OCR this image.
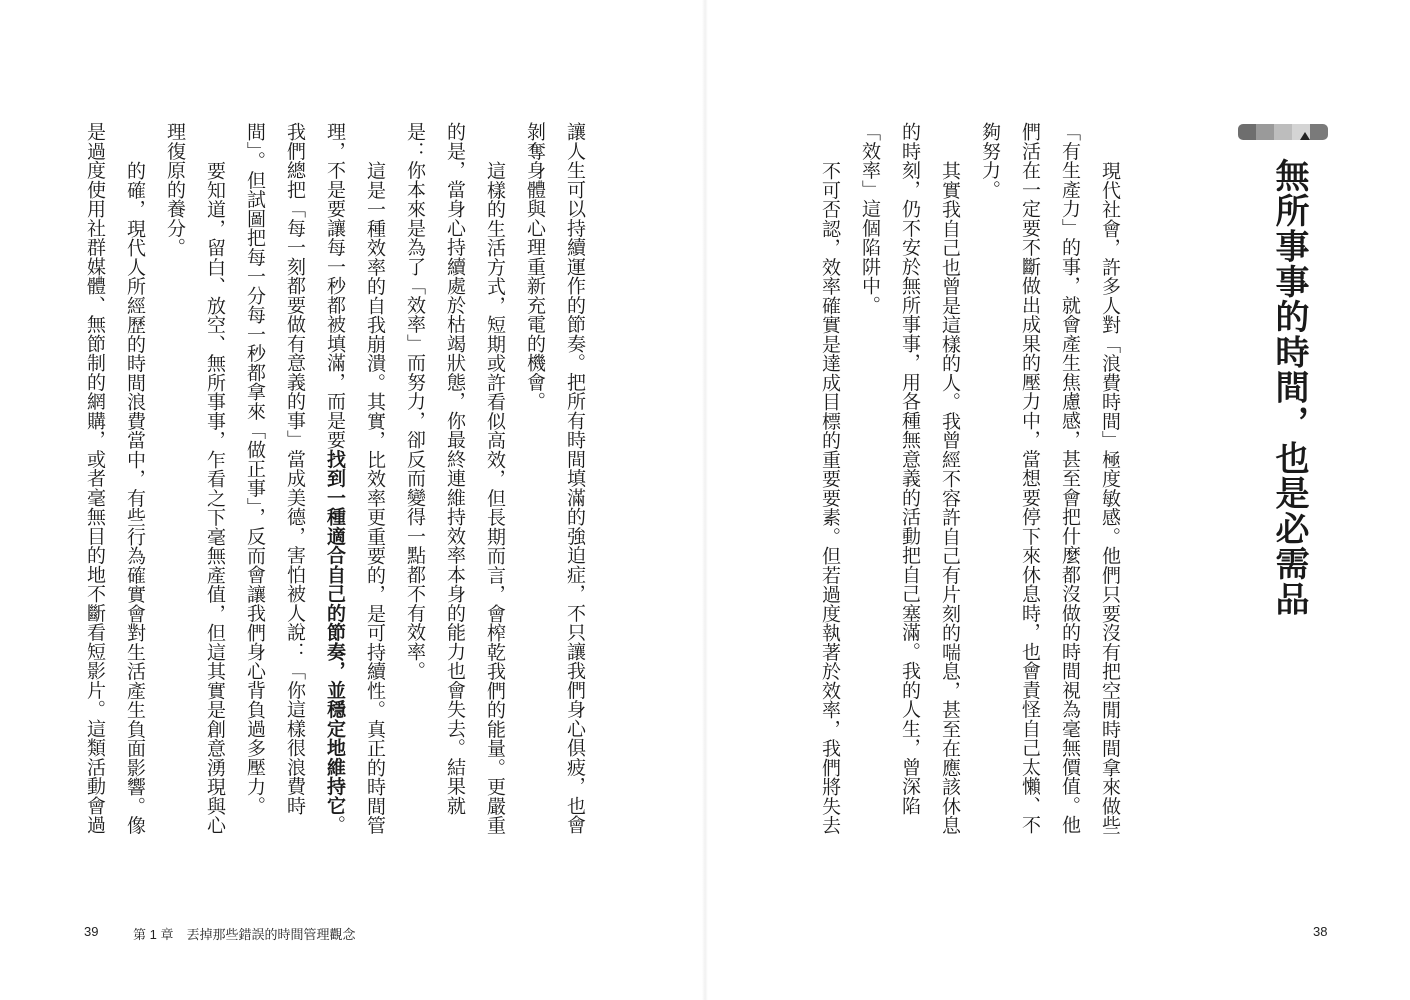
讓人生可以持續運作的節奏。把所有時間填滿的強迫症，不只讓我們身心俱疲，也會
剝奪身體與心理重新充電的機會。
這樣的生活方式，短期或許看似高效，但長期而言，會榨乾我們的能量。更嚴重
的是，當身心持續處於枯竭狀態，你最終連維持效率本身的能力也會失去。結果就
是：你本來是為了「效率」而努力，卻反而變得一點都不有效率。
這是一種效率的自我崩潰。其實，比效率更重要的，是可持續性。真正的時間管
理，不是要讓每一秒都被填滿，而是要找到一種適合自己的節奏，並穩定地維持它。
我們總把「每一刻都要做有意義的事」當成美德，害怕被人說：「你這樣很浪費時
間」。但試圖把每一分每一秒都拿來「做正事」，反而會讓我們身心背負過多壓力。
要知道，留白、放空、無所事事，乍看之下毫無產值，但這其實是創意湧現與心
理復原的養分。
的確，現代人所經歷的時間浪費當中，有些行為確實會對生活產生負面影響。像
是過度使用社群媒體、無節制的網購，或者毫無目的地不斷看短影片。這類活動會過
39	第 1 章　丟掉那些錯誤的時間管理觀念
無所事事的時間，也是必需品
現代社會，許多人對「浪費時間」極度敏感。他們只要沒有把空閒時間拿來做些
「有生產力」的事，就會產生焦慮感，甚至會把什麼都沒做的時間視為毫無價值。他
們活在一定要不斷做出成果的壓力中，當想要停下來休息時，也會責怪自己太懶、不
夠努力。
其實我自己也曾是這樣的人。我曾經不容許自己有片刻的喘息，甚至在應該休息
的時刻，仍不安於無所事事，用各種無意義的活動把自己塞滿。我的人生，曾深陷
「效率」這個陷阱中。
不可否認，效率確實是達成目標的重要要素。但若過度執著於效率，我們將失去
38
